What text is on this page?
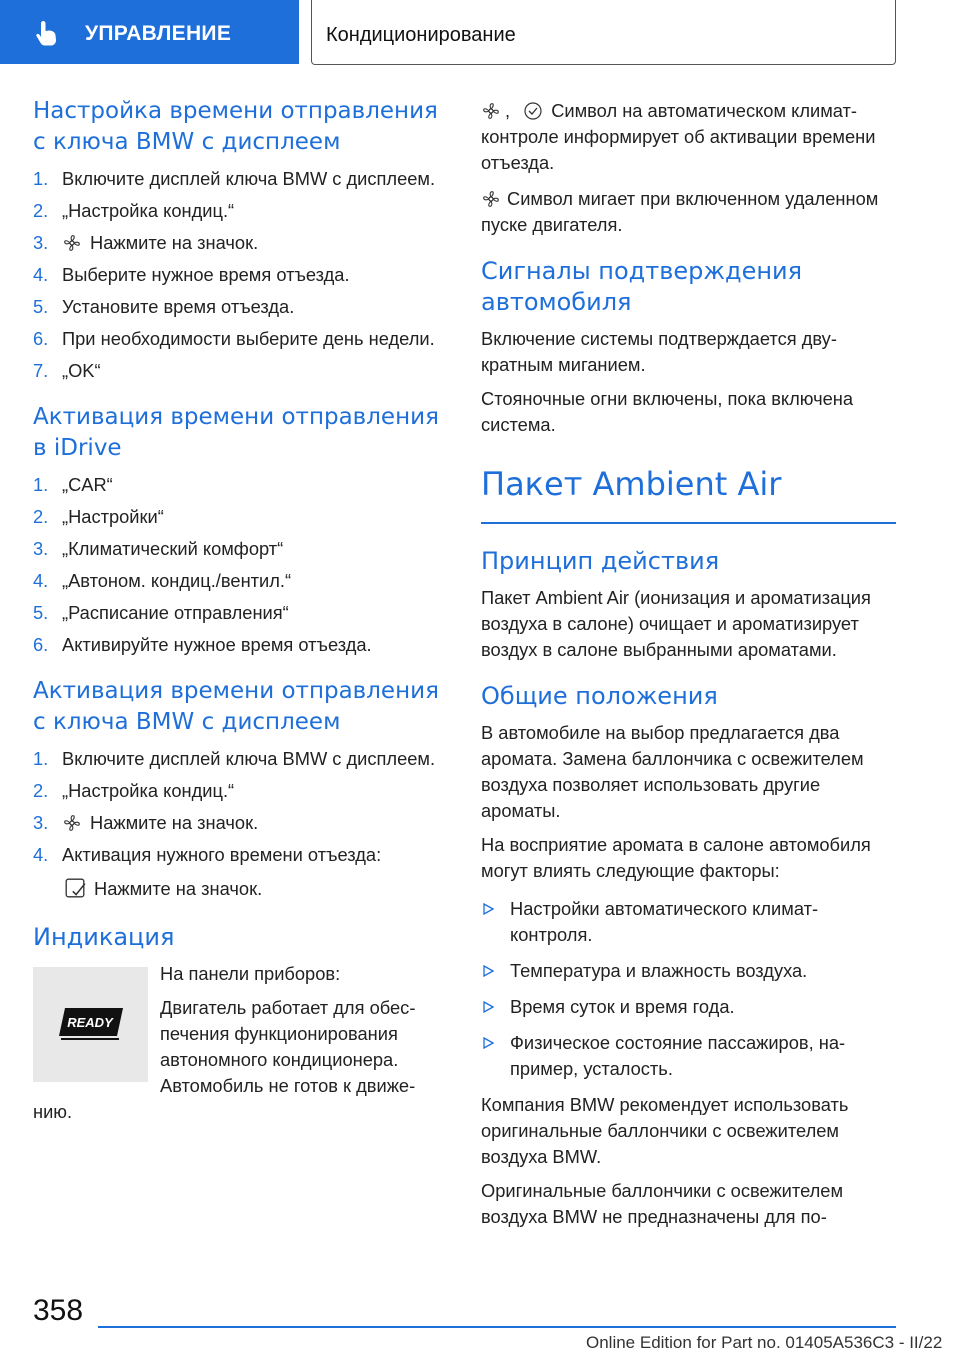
УПРАВЛЕНИЕ	Кондиционирование
Настройка времени отправления с ключа BMW с дисплеем
1. Включите дисплей ключа BMW с дисплеем.
2. „Настройка кондиц.“
3. Нажмите на значок.
4. Выберите нужное время отъезда.
5. Установите время отъезда.
6. При необходимости выберите день недели.
7. „OK“
Активация времени отправления в iDrive
1. „CAR“
2. „Настройки“
3. „Климатический комфорт“
4. „Автоном. кондиц./вентил.“
5. „Расписание отправления“
6. Активируйте нужное время отъезда.
Активация времени отправления с ключа BMW с дисплеем
1. Включите дисплей ключа BMW с дисплеем.
2. „Настройка кондиц.“
3. Нажмите на значок.
4. Активация нужного времени отъезда:
Нажмите на значок.
Индикация
READY

На панели приборов:

Двигатель работает для обеспечения функционирования автономного кондиционера. Автомобиль не готов к движению.

, Символ на автоматическом климат-контроле информирует об активации времени отъезда.

Символ мигает при включенном удаленном пуске двигателя.

Сигналы подтверждения автомобиля

Включение системы подтверждается двукратным миганием.

Стояночные огни включены, пока включена система.

Пакет Ambient Air
Принцип действия

Пакет Ambient Air (ионизация и ароматизация воздуха в салоне) очищает и ароматизирует воздух в салоне выбранными ароматами.

Общие положения

В автомобиле на выбор предлагается два аромата. Замена баллончика с освежителем воздуха позволяет использовать другие ароматы.

На восприятие аромата в салоне автомобиля могут влиять следующие факторы:

Настройки автоматического климат-контроля.
Температура и влажность воздуха.
Время суток и время года.
Физическое состояние пассажиров, например, усталость.

Компания BMW рекомендует использовать оригинальные баллончики с освежителем воздуха BMW.

Оригинальные баллончики с освежителем воздуха BMW не предназначены для по-

358
Online Edition for Part no. 01405A536C3 - II/22
